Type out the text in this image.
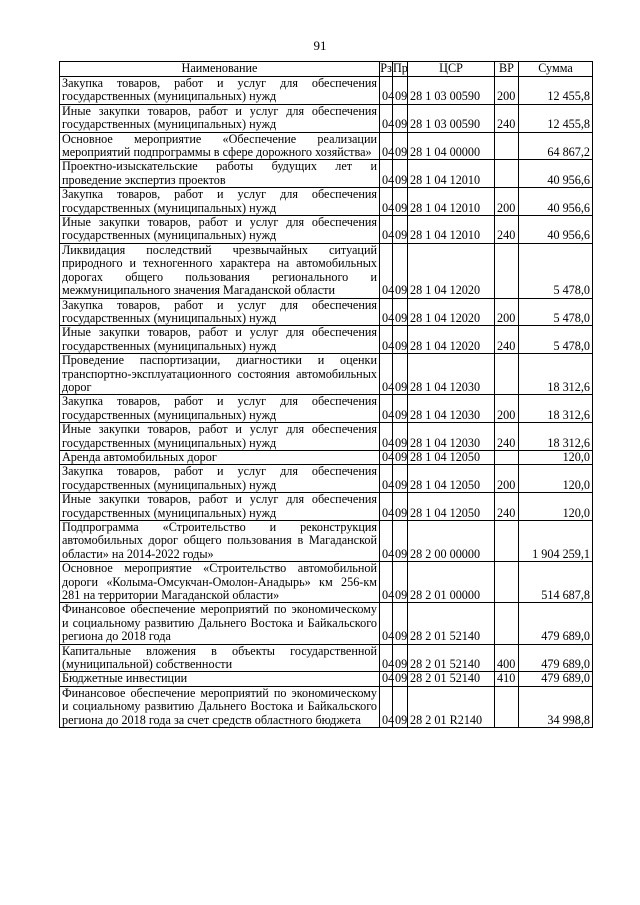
91
Наименование	Рз	Пр	ЦСР	ВР	Сумма
Закупка товаров, работ и услуг для обеспечения государственных (муниципальных) нужд	04	09	28 1 03 00590	200	12 455,8
Иные закупки товаров, работ и услуг для обеспечения государственных (муниципальных) нужд	04	09	28 1 03 00590	240	12 455,8
Основное мероприятие «Обеспечение реализации мероприятий подпрограммы в сфере дорожного хозяйства»	04	09	28 1 04 00000		64 867,2
Проектно-изыскательские работы будущих лет и проведение экспертиз проектов	04	09	28 1 04 12010		40 956,6
Закупка товаров, работ и услуг для обеспечения государственных (муниципальных) нужд	04	09	28 1 04 12010	200	40 956,6
Иные закупки товаров, работ и услуг для обеспечения государственных (муниципальных) нужд	04	09	28 1 04 12010	240	40 956,6
Ликвидация последствий чрезвычайных ситуаций природного и техногенного характера на автомобильных дорогах общего пользования регионального и межмуниципального значения Магаданской области	04	09	28 1 04 12020		5 478,0
Закупка товаров, работ и услуг для обеспечения государственных (муниципальных) нужд	04	09	28 1 04 12020	200	5 478,0
Иные закупки товаров, работ и услуг для обеспечения государственных (муниципальных) нужд	04	09	28 1 04 12020	240	5 478,0
Проведение паспортизации, диагностики и оценки транспортно-эксплуатационного состояния автомобильных дорог	04	09	28 1 04 12030		18 312,6
Закупка товаров, работ и услуг для обеспечения государственных (муниципальных) нужд	04	09	28 1 04 12030	200	18 312,6
Иные закупки товаров, работ и услуг для обеспечения государственных (муниципальных) нужд	04	09	28 1 04 12030	240	18 312,6
Аренда автомобильных дорог	04	09	28 1 04 12050		120,0
Закупка товаров, работ и услуг для обеспечения государственных (муниципальных) нужд	04	09	28 1 04 12050	200	120,0
Иные закупки товаров, работ и услуг для обеспечения государственных (муниципальных) нужд	04	09	28 1 04 12050	240	120,0
Подпрограмма «Строительство и реконструкция автомобильных дорог общего пользования в Магаданской области» на 2014-2022 годы»	04	09	28 2 00 00000		1 904 259,1
Основное мероприятие «Строительство автомобильной дороги «Колыма-Омсукчан-Омолон-Анадырь» км 256-км 281 на территории Магаданской области»	04	09	28 2 01 00000		514 687,8
Финансовое обеспечение мероприятий по экономическому и социальному развитию Дальнего Востока и Байкальского региона до 2018 года	04	09	28 2 01 52140		479 689,0
Капитальные вложения в объекты государственной (муниципальной) собственности	04	09	28 2 01 52140	400	479 689,0
Бюджетные инвестиции	04	09	28 2 01 52140	410	479 689,0
Финансовое обеспечение мероприятий по экономическому и социальному развитию Дальнего Востока и Байкальского региона до 2018 года за счет средств областного бюджета	04	09	28 2 01 R2140		34 998,8
